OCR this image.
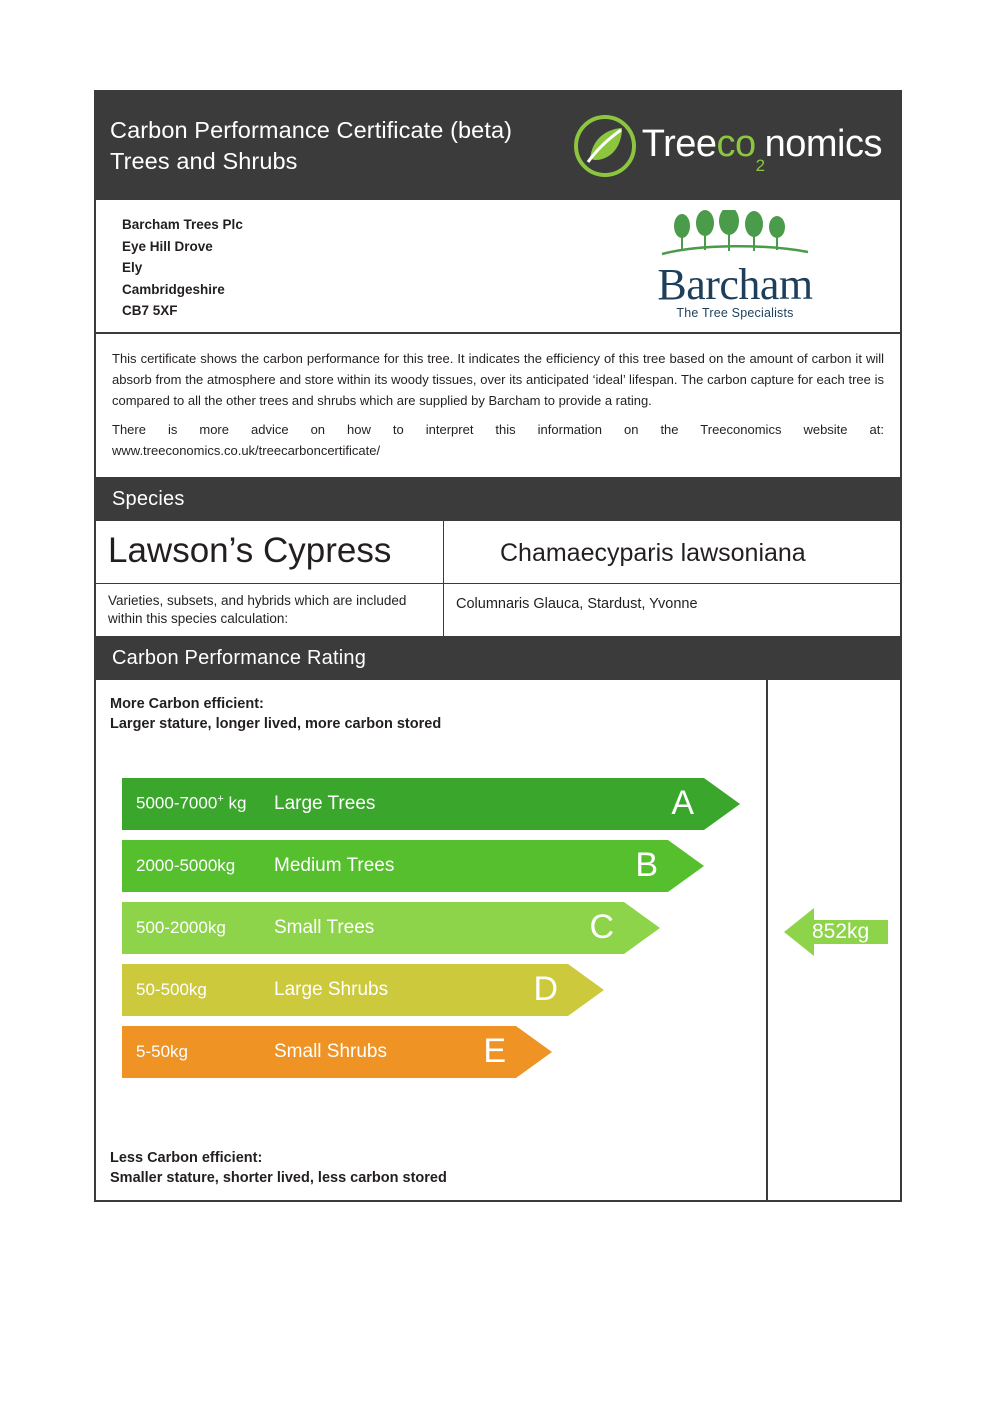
Carbon Performance Certificate (beta)
Trees and Shrubs	Treeco$_2$nomics
Barcham Trees Plc
Eye Hill Drove
Ely
Cambridgeshire
CB7 5XF
Barcham
The Tree Specialists

This certificate shows the carbon performance for this tree. It indicates the efficiency of this tree based on the amount of carbon it will absorb from the atmosphere and store within its woody tissues, over its anticipated ‘ideal’ lifespan. The carbon capture for each tree is compared to all the other trees and shrubs which are supplied by Barcham to provide a rating.

There is more advice on how to interpret this information on the Treeconomics website at: www.treeconomics.co.uk/treecarboncertificate/

Species
Lawson’s Cypress	Chamaecyparis lawsoniana
Varieties, subsets, and hybrids which are included within this species calculation:
Columnaris Glauca, Stardust, Yvonne
Carbon Performance Rating
More Carbon efficient:
Larger stature, longer lived, more carbon stored
5000-7000+ kg	Large Trees	A
2000-5000kg	Medium Trees	B
500-2000kg	Small Trees	C
50-500kg	Large Shrubs	D
5-50kg	Small Shrubs	E
Less Carbon efficient:
Smaller stature, shorter lived, less carbon stored
852kg
